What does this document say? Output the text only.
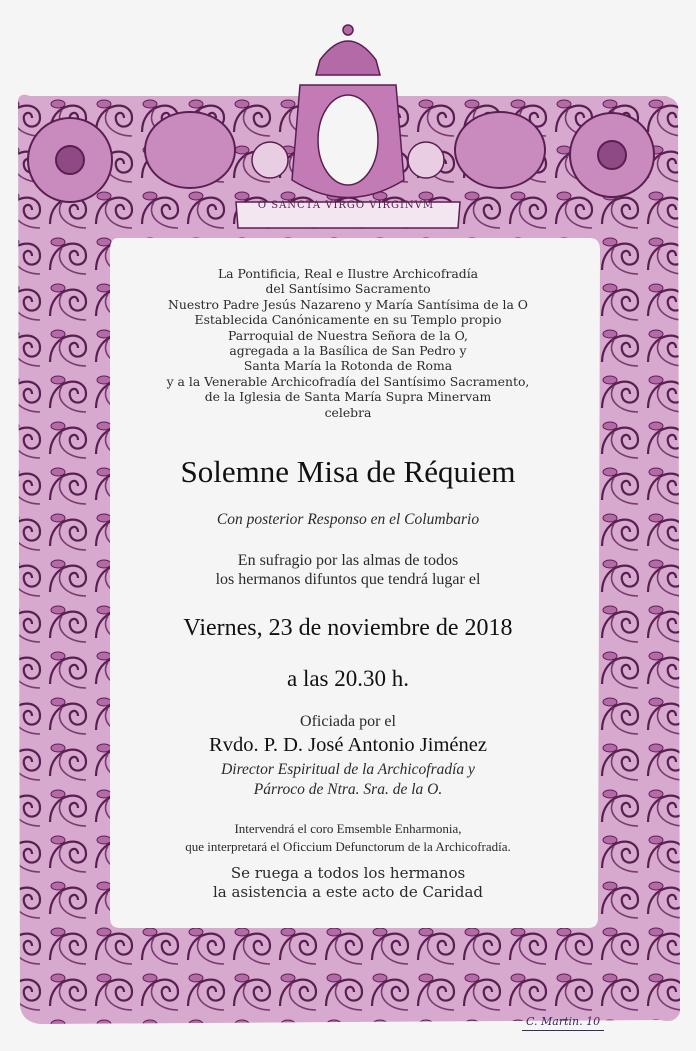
O SANCTA VIRGO VIRGINVM
La Pontificia, Real e Ilustre Archicofradía
del Santísimo Sacramento
Nuestro Padre Jesús Nazareno y María Santísima de la O
Establecida Canónicamente en su Templo propio
Parroquial de Nuestra Señora de la O,
agregada a la Basílica de San Pedro y
Santa María la Rotonda de Roma
y a la Venerable Archicofradía del Santísimo Sacramento,
de la Iglesia de Santa María Supra Minervam
celebra
Solemne Misa de Réquiem
Con posterior Responso en el Columbario
En sufragio por las almas de todos
los hermanos difuntos que tendrá lugar el
Viernes, 23 de noviembre de 2018
a las 20.30 h.
Oficiada por el
Rvdo. P. D. José Antonio Jiménez
Director Espiritual de la Archicofradía y
Párroco de Ntra. Sra. de la O.
Intervendrá el coro Emsemble Enharmonia,
que interpretará el Oficcium Defunctorum de la Archicofradía.
Se ruega a todos los hermanos
la asistencia a este acto de Caridad
C. Martin. 10
